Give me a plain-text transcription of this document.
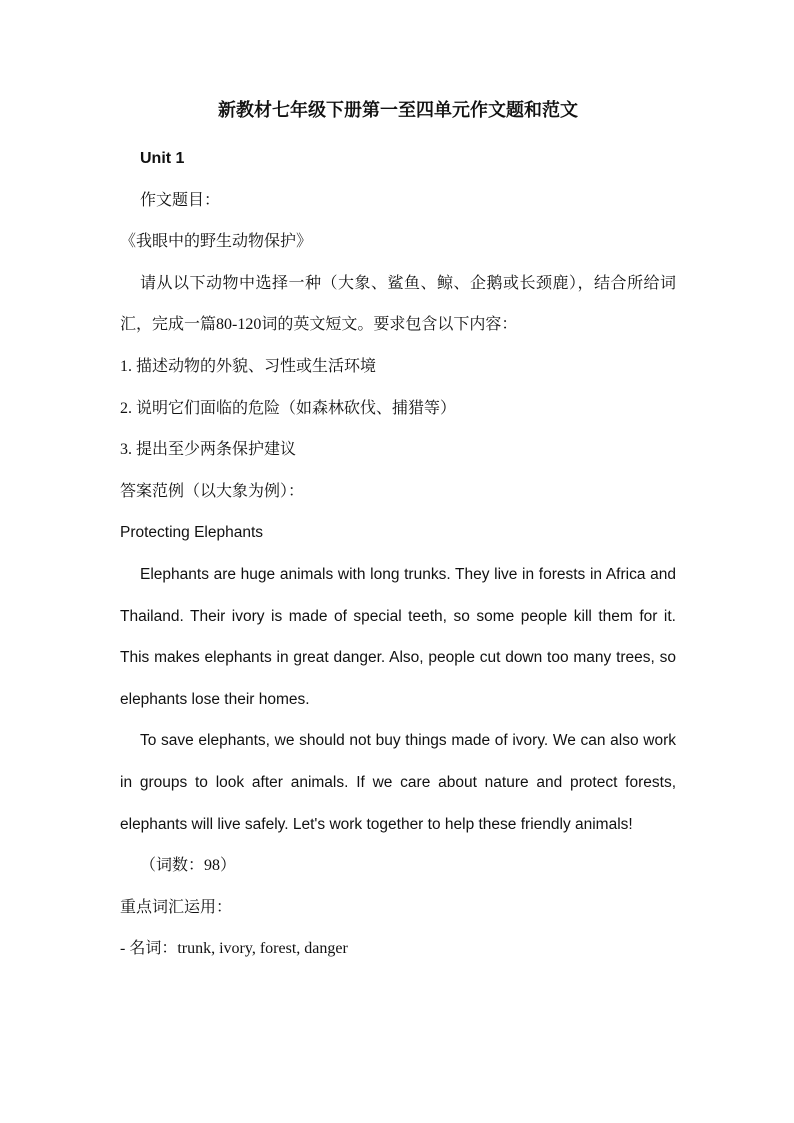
新教材七年级下册第一至四单元作文题和范文
Unit 1
作文题目：
《我眼中的野生动物保护》
请从以下动物中选择一种（大象、鲨鱼、鲸、企鹅或长颈鹿），结合所给词汇，完成一篇80-120词的英文短文。要求包含以下内容：
1. 描述动物的外貌、习性或生活环境
2. 说明它们面临的危险（如森林砍伐、捕猎等）
3. 提出至少两条保护建议
答案范例（以大象为例）：
Protecting Elephants
Elephants are huge animals with long trunks. They live in forests in Africa and Thailand. Their ivory is made of special teeth, so some people kill them for it. This makes elephants in great danger. Also, people cut down too many trees, so elephants lose their homes.
To save elephants, we should not buy things made of ivory. We can also work in groups to look after animals. If we care about nature and protect forests, elephants will live safely. Let's work together to help these friendly animals!
（词数：98）
重点词汇运用：
- 名词：trunk, ivory, forest, danger
